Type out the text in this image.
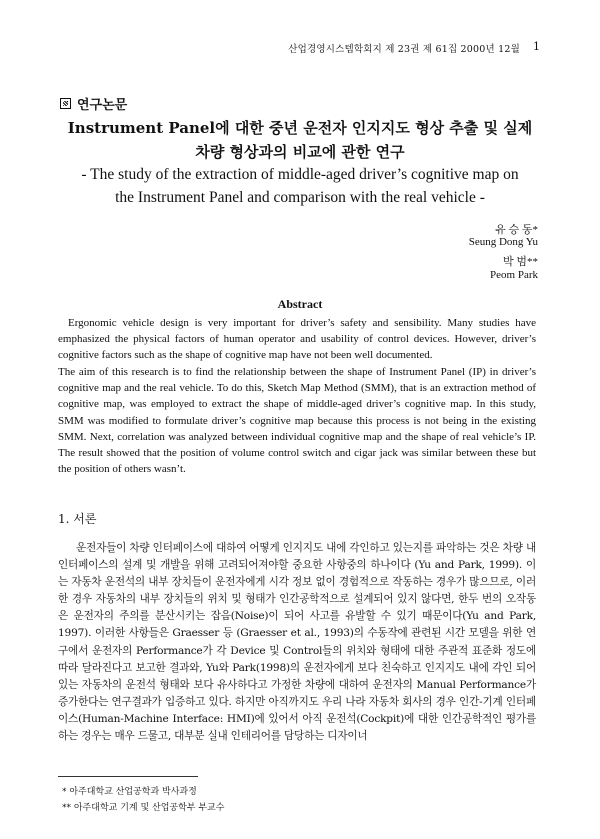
산업경영시스템학회지 제 23권 제 61집 2000년 12월 1
연구논문
Instrument Panel에 대한 중년 운전자 인지지도 형상 추출 및 실제
차량 형상과의 비교에 관한 연구
- The study of the extraction of middle-aged driver’s cognitive map on
the Instrument Panel and comparison with the real vehicle -
유 승 동*
Seung Dong Yu
박 범**
Peom Park
Abstract

Ergonomic vehicle design is very important for driver’s safety and sensibility. Many studies have emphasized the physical factors of human operator and usability of control devices. However, driver’s cognitive factors such as the shape of cognitive map have not been well documented.

The aim of this research is to find the relationship between the shape of Instrument Panel (IP) in driver’s cognitive map and the real vehicle. To do this, Sketch Map Method (SMM), that is an extraction method of cognitive map, was employed to extract the shape of middle-aged driver’s cognitive map. In this study, SMM was modified to formulate driver’s cognitive map because this process is not being in the existing SMM. Next, correlation was analyzed between individual cognitive map and the shape of real vehicle’s IP. The result showed that the position of volume control switch and cigar jack was similar between these but the position of others wasn’t.

1. 서론

운전자들이 차량 인터페이스에 대하여 어떻게 인지지도 내에 각인하고 있는지를 파악하는 것은 차량 내 인터페이스의 설계 및 개발을 위해 고려되어져야할 중요한 사항중의 하나이다 (Yu and Park, 1999). 이는 자동차 운전석의 내부 장치들이 운전자에게 시각 정보 없이 경험적으로 작동하는 경우가 많으므로, 이러한 경우 자동차의 내부 장치들의 위치 및 형태가 인간공학적으로 설계되어 있지 않다면, 한두 번의 오작동은 운전자의 주의를 분산시키는 잡음(Noise)이 되어 사고를 유발할 수 있기 때문이다(Yu and Park, 1997). 이러한 사항들은 Graesser 등 (Graesser et al., 1993)의 수동작에 관련된 시간 모델을 위한 연구에서 운전자의 Performance가 각 Device 및 Control들의 위치와 형태에 대한 주관적 표준화 정도에 따라 달라진다고 보고한 결과와, Yu와 Park(1998)의 운전자에게 보다 친숙하고 인지지도 내에 각인 되어 있는 자동차의 운전석 형태와 보다 유사하다고 가정한 차량에 대하여 운전자의 Manual Performance가 증가한다는 연구결과가 입증하고 있다. 하지만 아직까지도 우리 나라 자동차 회사의 경우 인간-기계 인터페이스(Human-Machine Interface: HMI)에 있어서 아직 운전석(Cockpit)에 대한 인간공학적인 평가를 하는 경우는 매우 드물고, 대부분 실내 인테리어를 담당하는 디자이너

* 아주대학교 산업공학과 박사과정
** 아주대학교 기계 및 산업공학부 부교수
